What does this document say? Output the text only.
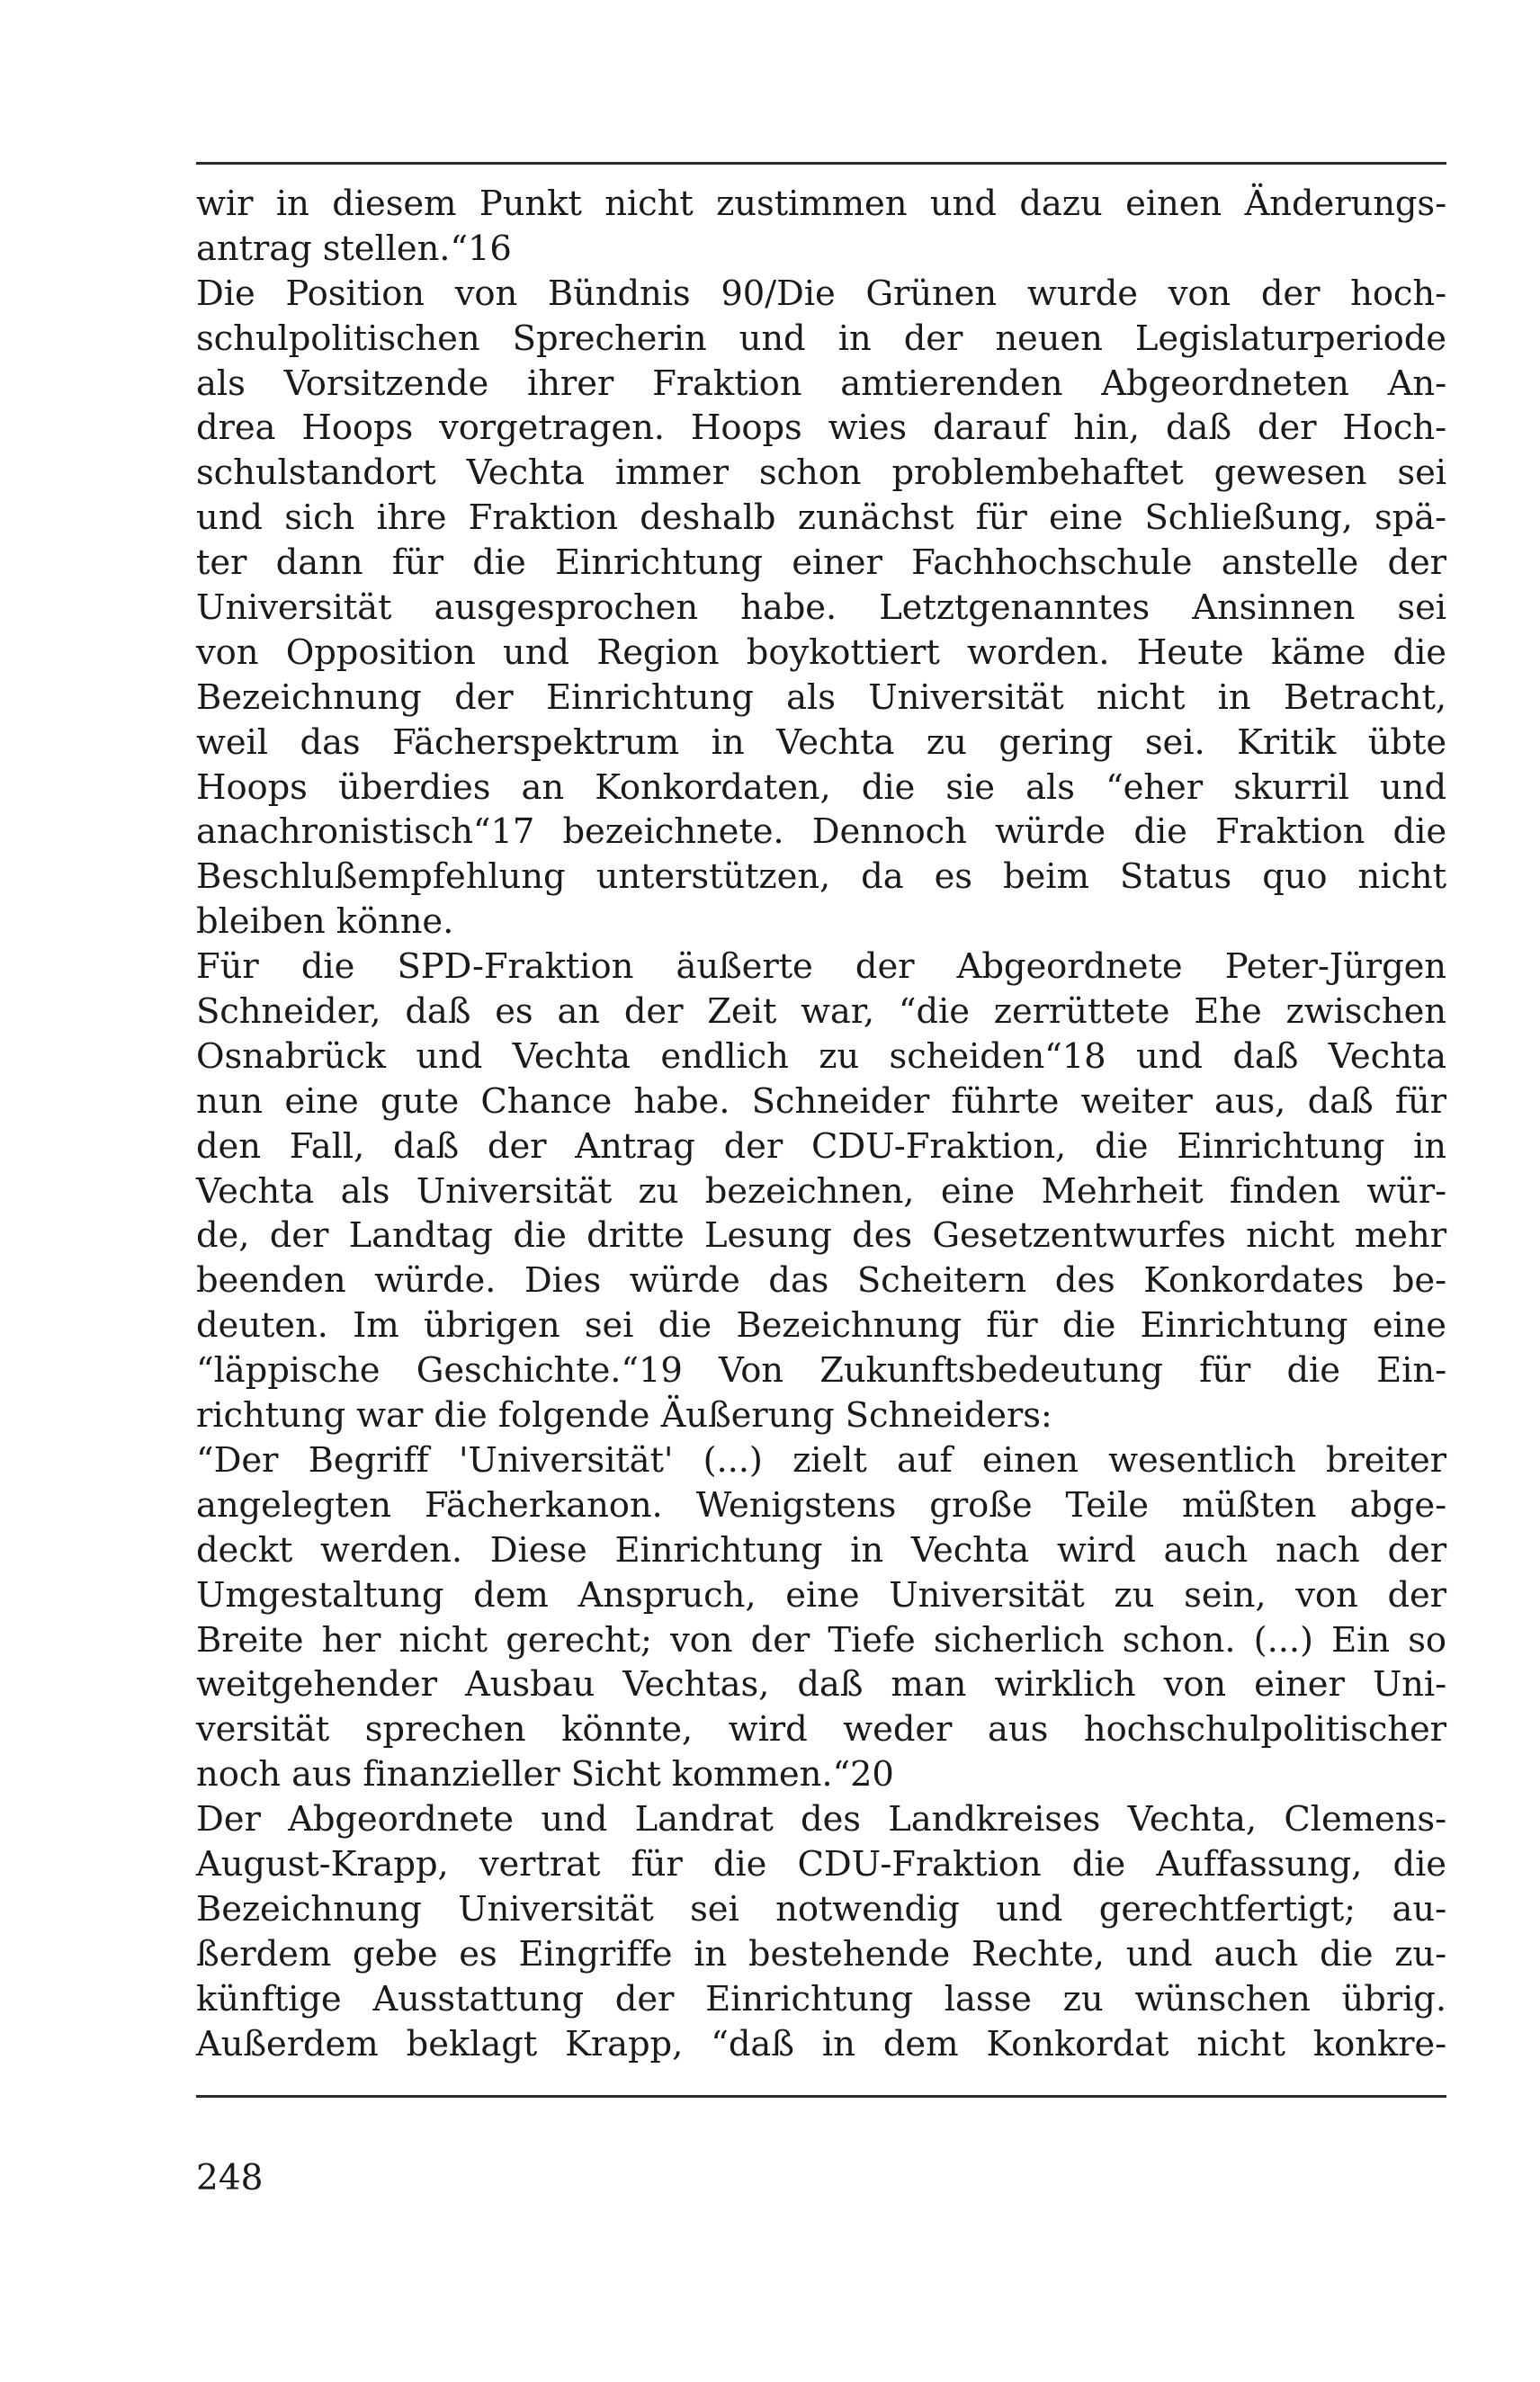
wir in diesem Punkt nicht zustimmen und dazu einen Änderungs-
antrag stellen.“16
Die Position von Bündnis 90/Die Grünen wurde von der hoch-
schulpolitischen Sprecherin und in der neuen Legislaturperiode
als Vorsitzende ihrer Fraktion amtierenden Abgeordneten An-
drea Hoops vorgetragen. Hoops wies darauf hin, daß der Hoch-
schulstandort Vechta immer schon problembehaftet gewesen sei
und sich ihre Fraktion deshalb zunächst für eine Schließung, spä-
ter dann für die Einrichtung einer Fachhochschule anstelle der
Universität ausgesprochen habe. Letztgenanntes Ansinnen sei
von Opposition und Region boykottiert worden. Heute käme die
Bezeichnung der Einrichtung als Universität nicht in Betracht,
weil das Fächerspektrum in Vechta zu gering sei. Kritik übte
Hoops überdies an Konkordaten, die sie als “eher skurril und
anachronistisch“17 bezeichnete. Dennoch würde die Fraktion die
Beschlußempfehlung unterstützen, da es beim Status quo nicht
bleiben könne.
Für die SPD-Fraktion äußerte der Abgeordnete Peter-Jürgen
Schneider, daß es an der Zeit war, “die zerrüttete Ehe zwischen
Osnabrück und Vechta endlich zu scheiden“18 und daß Vechta
nun eine gute Chance habe. Schneider führte weiter aus, daß für
den Fall, daß der Antrag der CDU-Fraktion, die Einrichtung in
Vechta als Universität zu bezeichnen, eine Mehrheit finden wür-
de, der Landtag die dritte Lesung des Gesetzentwurfes nicht mehr
beenden würde. Dies würde das Scheitern des Konkordates be-
deuten. Im übrigen sei die Bezeichnung für die Einrichtung eine
“läppische Geschichte.“19 Von Zukunftsbedeutung für die Ein-
richtung war die folgende Äußerung Schneiders:
“Der Begriff 'Universität' (...) zielt auf einen wesentlich breiter
angelegten Fächerkanon. Wenigstens große Teile müßten abge-
deckt werden. Diese Einrichtung in Vechta wird auch nach der
Umgestaltung dem Anspruch, eine Universität zu sein, von der
Breite her nicht gerecht; von der Tiefe sicherlich schon. (...) Ein so
weitgehender Ausbau Vechtas, daß man wirklich von einer Uni-
versität sprechen könnte, wird weder aus hochschulpolitischer
noch aus finanzieller Sicht kommen.“20
Der Abgeordnete und Landrat des Landkreises Vechta, Clemens-
August-Krapp, vertrat für die CDU-Fraktion die Auffassung, die
Bezeichnung Universität sei notwendig und gerechtfertigt; au-
ßerdem gebe es Eingriffe in bestehende Rechte, und auch die zu-
künftige Ausstattung der Einrichtung lasse zu wünschen übrig.
Außerdem beklagt Krapp, “daß in dem Konkordat nicht konkre-
248
